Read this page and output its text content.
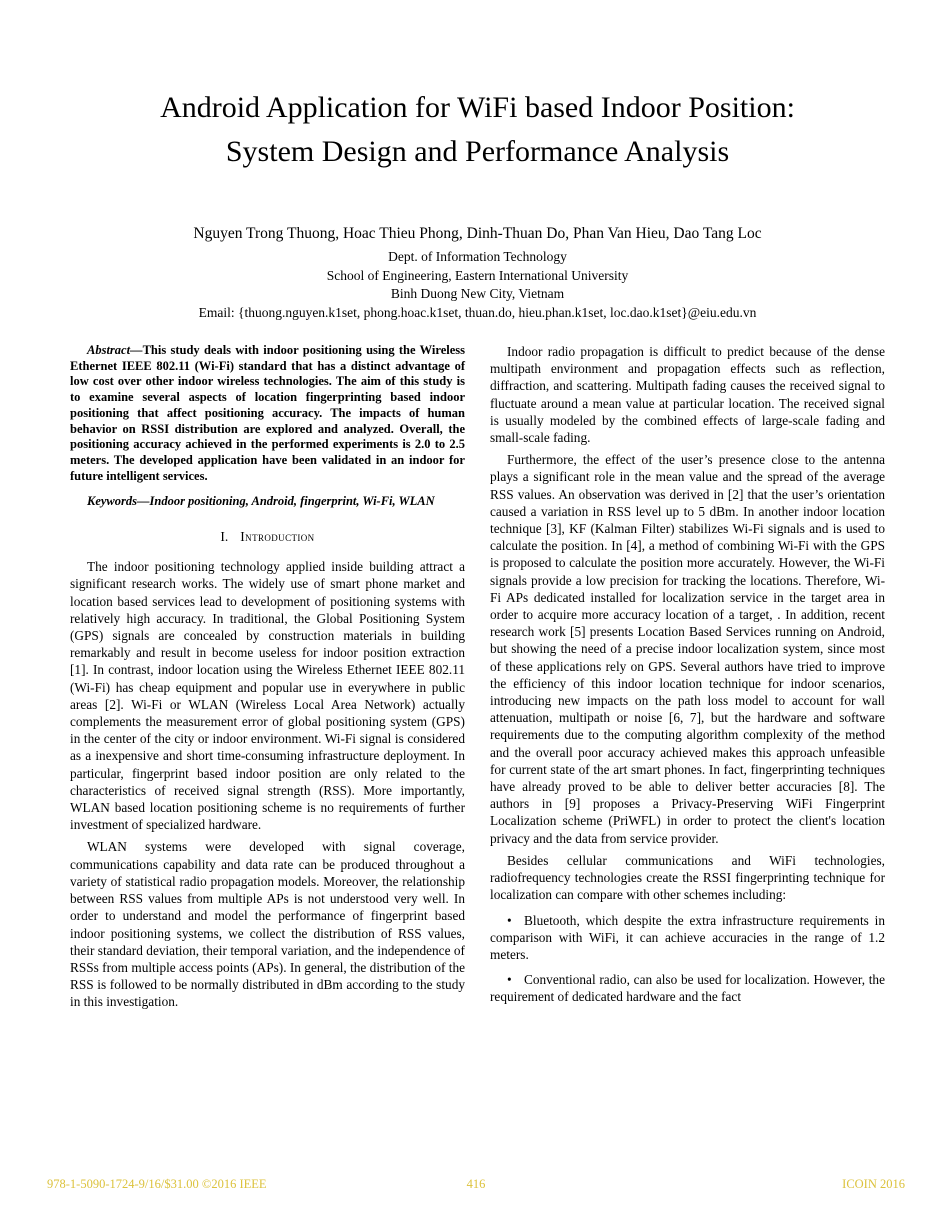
Android Application for WiFi based Indoor Position:
System Design and Performance Analysis
Nguyen Trong Thuong, Hoac Thieu Phong, Dinh-Thuan Do, Phan Van Hieu, Dao Tang Loc
Dept. of Information Technology
School of Engineering, Eastern International University
Binh Duong New City, Vietnam
Email: {thuong.nguyen.k1set, phong.hoac.k1set, thuan.do, hieu.phan.k1set, loc.dao.k1set}@eiu.edu.vn

Abstract—This study deals with indoor positioning using the Wireless Ethernet IEEE 802.11 (Wi-Fi) standard that has a distinct advantage of low cost over other indoor wireless technologies. The aim of this study is to examine several aspects of location fingerprinting based indoor positioning that affect positioning accuracy. The impacts of human behavior on RSSI distribution are explored and analyzed. Overall, the positioning accuracy achieved in the performed experiments is 2.0 to 2.5 meters. The developed application have been validated in an indoor for future intelligent services.

Keywords—Indoor positioning, Android, fingerprint, Wi-Fi, WLAN

I. Introduction

The indoor positioning technology applied inside building attract a significant research works. The widely use of smart phone market and location based services lead to development of positioning systems with relatively high accuracy. In traditional, the Global Positioning System (GPS) signals are concealed by construction materials in building remarkably and result in become useless for indoor position extraction [1]. In contrast, indoor location using the Wireless Ethernet IEEE 802.11 (Wi-Fi) has cheap equipment and popular use in everywhere in public areas [2]. Wi-Fi or WLAN (Wireless Local Area Network) actually complements the measurement error of global positioning system (GPS) in the center of the city or indoor environment. Wi-Fi signal is considered as a inexpensive and short time-consuming infrastructure deployment. In particular, fingerprint based indoor position are only related to the characteristics of received signal strength (RSS). More importantly, WLAN based location positioning scheme is no requirements of further investment of specialized hardware.

WLAN systems were developed with signal coverage, communications capability and data rate can be produced throughout a variety of statistical radio propagation models. Moreover, the relationship between RSS values from multiple APs is not understood very well. In order to understand and model the performance of fingerprint based indoor positioning systems, we collect the distribution of RSS values, their standard deviation, their temporal variation, and the independence of RSSs from multiple access points (APs). In general, the distribution of the RSS is followed to be normally distributed in dBm according to the study in this investigation.

Indoor radio propagation is difficult to predict because of the dense multipath environment and propagation effects such as reflection, diffraction, and scattering. Multipath fading causes the received signal to fluctuate around a mean value at particular location. The received signal is usually modeled by the combined effects of large-scale fading and small-scale fading.

Furthermore, the effect of the user’s presence close to the antenna plays a significant role in the mean value and the spread of the average RSS values. An observation was derived in [2] that the user’s orientation caused a variation in RSS level up to 5 dBm. In another indoor location technique [3], KF (Kalman Filter) stabilizes Wi-Fi signals and is used to calculate the position. In [4], a method of combining Wi-Fi with the GPS is proposed to calculate the position more accurately. However, the Wi-Fi signals provide a low precision for tracking the locations. Therefore, Wi-Fi APs dedicated installed for localization service in the target area in order to acquire more accuracy location of a target, . In addition, recent research work [5] presents Location Based Services running on Android, but showing the need of a precise indoor localization system, since most of these applications rely on GPS. Several authors have tried to improve the efficiency of this indoor location technique for indoor scenarios, introducing new impacts on the path loss model to account for wall attenuation, multipath or noise [6, 7], but the hardware and software requirements due to the computing algorithm complexity of the method and the overall poor accuracy achieved makes this approach unfeasible for current state of the art smart phones. In fact, fingerprinting techniques have already proved to be able to deliver better accuracies [8]. The authors in [9] proposes a Privacy-Preserving WiFi Fingerprint Localization scheme (PriWFL) in order to protect the client's location privacy and the data from service provider.

Besides cellular communications and WiFi technologies, radiofrequency technologies create the RSSI fingerprinting technique for localization can compare with other schemes including:

• Bluetooth, which despite the extra infrastructure requirements in comparison with WiFi, it can achieve accuracies in the range of 1.2 meters.

• Conventional radio, can also be used for localization. However, the requirement of dedicated hardware and the fact

978-1-5090-1724-9/16/$31.00 ©2016 IEEE	416	ICOIN 2016
